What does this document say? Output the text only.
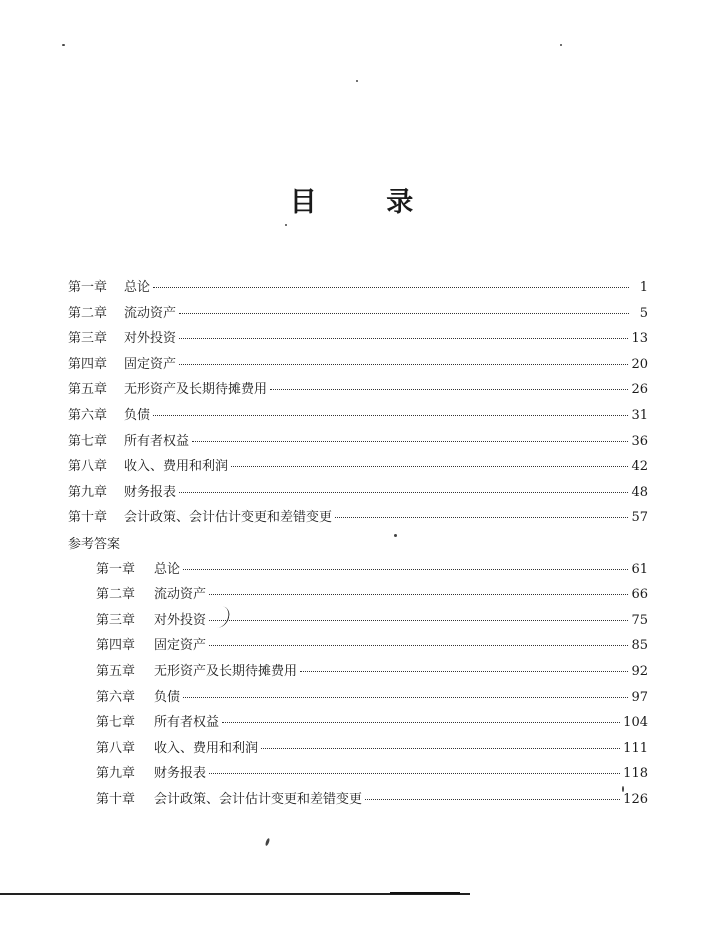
目 录
第一章	总论	1
第二章	流动资产	5
第三章	对外投资	13
第四章	固定资产	20
第五章	无形资产及长期待摊费用	26
第六章	负债	31
第七章	所有者权益	36
第八章	收入、费用和利润	42
第九章	财务报表	48
第十章	会计政策、会计估计变更和差错变更	57
参考答案
第一章	总论	61
第二章	流动资产	66
第三章	对外投资	75
第四章	固定资产	85
第五章	无形资产及长期待摊费用	92
第六章	负债	97
第七章	所有者权益	104
第八章	收入、费用和利润	111
第九章	财务报表	118
第十章	会计政策、会计估计变更和差错变更	126
